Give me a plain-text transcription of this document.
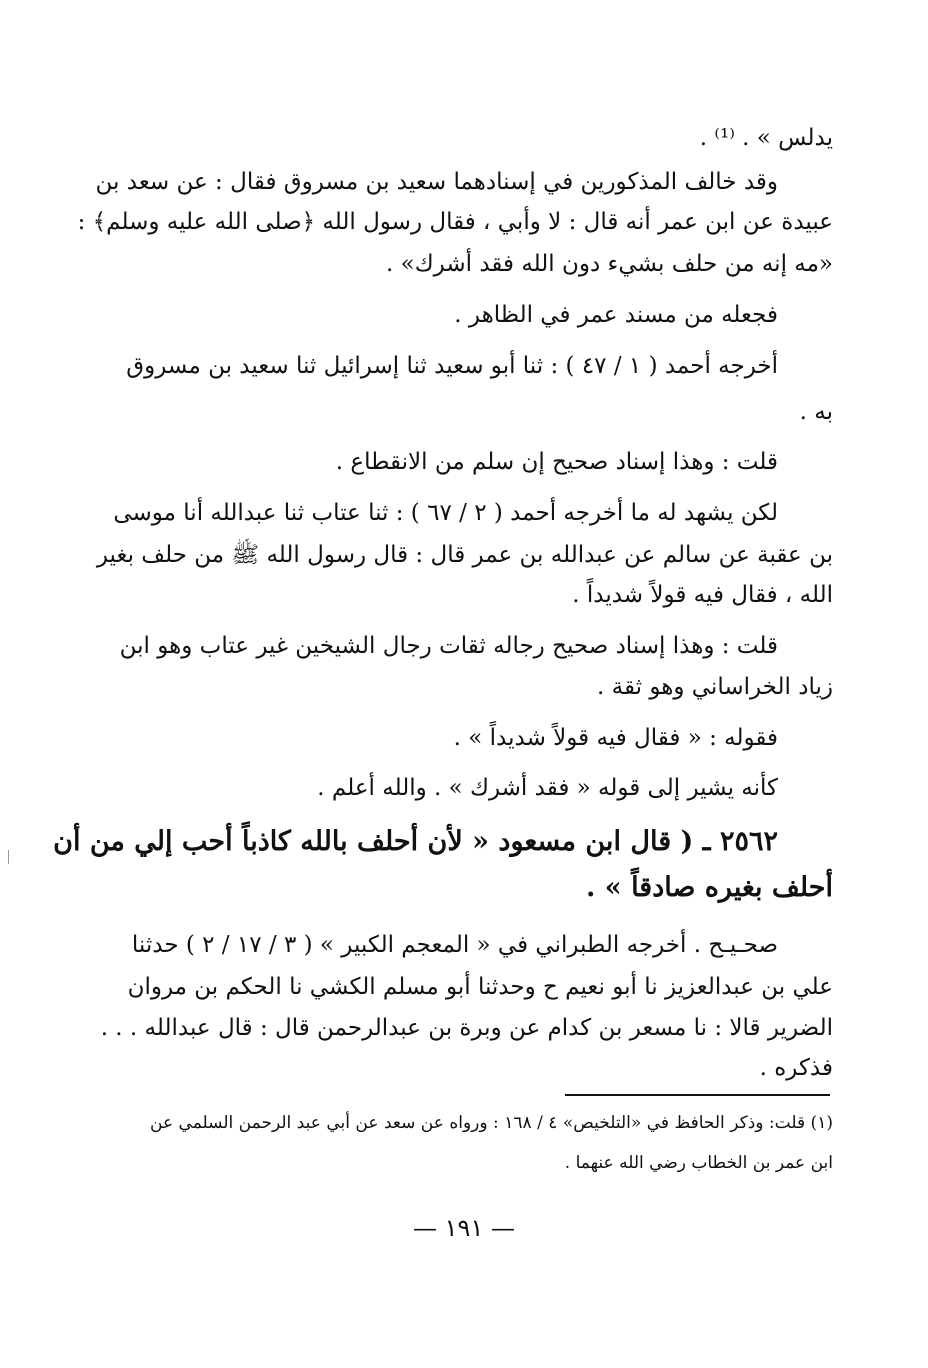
يدلس » . ⁽¹⁾ .
وقد خالف المذكورين في إسنادهما سعيد بن مسروق فقال : عن سعد بن
عبيدة عن ابن عمر أنه قال : لا وأبي ، فقال رسول الله ﴿صلى الله عليه وسلم﴾ :
«مه إنه من حلف بشيء دون الله فقد أشرك» .
فجعله من مسند عمر في الظاهر .
أخرجه أحمد ( ١ / ٤٧ ) : ثنا أبو سعيد ثنا إسرائيل ثنا سعيد بن مسروق
به .
قلت : وهذا إسناد صحيح إن سلم من الانقطاع .
لكن يشهد له ما أخرجه أحمد ( ٢ / ٦٧ ) : ثنا عتاب ثنا عبدالله أنا موسى
بن عقبة عن سالم عن عبدالله بن عمر قال : قال رسول الله ﷺ من حلف بغير
الله ، فقال فيه قولاً شديداً .
قلت : وهذا إسناد صحيح رجاله ثقات رجال الشيخين غير عتاب وهو ابن
زياد الخراساني وهو ثقة .
فقوله : « فقال فيه قولاً شديداً » .
كأنه يشير إلى قوله « فقد أشرك » . والله أعلم .
٢٥٦٢ ـ ( قال ابن مسعود « لأن أحلف بالله كاذباً أحب إلي من أن
أحلف بغيره صادقاً » .
صحـيـح . أخرجه الطبراني في « المعجم الكبير » ( ٣ / ١٧ / ٢ ) حدثنا
علي بن عبدالعزيز نا أبو نعيم ح وحدثنا أبو مسلم الكشي نا الحكم بن مروان
الضرير قالا : نا مسعر بن كدام عن وبرة بن عبدالرحمن قال : قال عبدالله . . .
فذكره .
(١) قلت: وذكر الحافظ في «التلخيص» ٤ / ١٦٨ : ورواه عن سعد عن أبي عبد الرحمن السلمي عن
ابن عمر بن الخطاب رضي الله عنهما .
— ١٩١ —
